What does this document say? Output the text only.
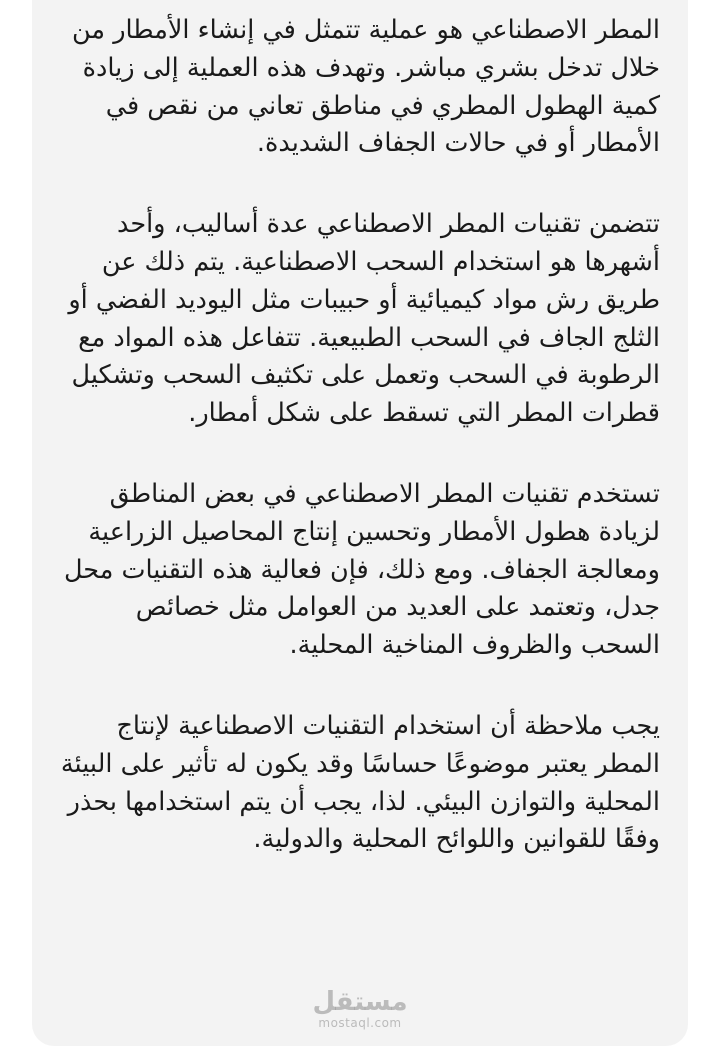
المطر الاصطناعي هو عملية تتمثل في إنشاء الأمطار من خلال تدخل بشري مباشر. وتهدف هذه العملية إلى زيادة كمية الهطول المطري في مناطق تعاني من نقص في الأمطار أو في حالات الجفاف الشديدة.

تتضمن تقنيات المطر الاصطناعي عدة أساليب، وأحد أشهرها هو استخدام السحب الاصطناعية. يتم ذلك عن طريق رش مواد كيميائية أو حبيبات مثل اليوديد الفضي أو الثلج الجاف في السحب الطبيعية. تتفاعل هذه المواد مع الرطوبة في السحب وتعمل على تكثيف السحب وتشكيل قطرات المطر التي تسقط على شكل أمطار.

تستخدم تقنيات المطر الاصطناعي في بعض المناطق لزيادة هطول الأمطار وتحسين إنتاج المحاصيل الزراعية ومعالجة الجفاف. ومع ذلك، فإن فعالية هذه التقنيات محل جدل، وتعتمد على العديد من العوامل مثل خصائص السحب والظروف المناخية المحلية.

يجب ملاحظة أن استخدام التقنيات الاصطناعية لإنتاج المطر يعتبر موضوعًا حساسًا وقد يكون له تأثير على البيئة المحلية والتوازن البيئي. لذا، يجب أن يتم استخدامها بحذر وفقًا للقوانين واللوائح المحلية والدولية.

مستقل
mostaql.com
